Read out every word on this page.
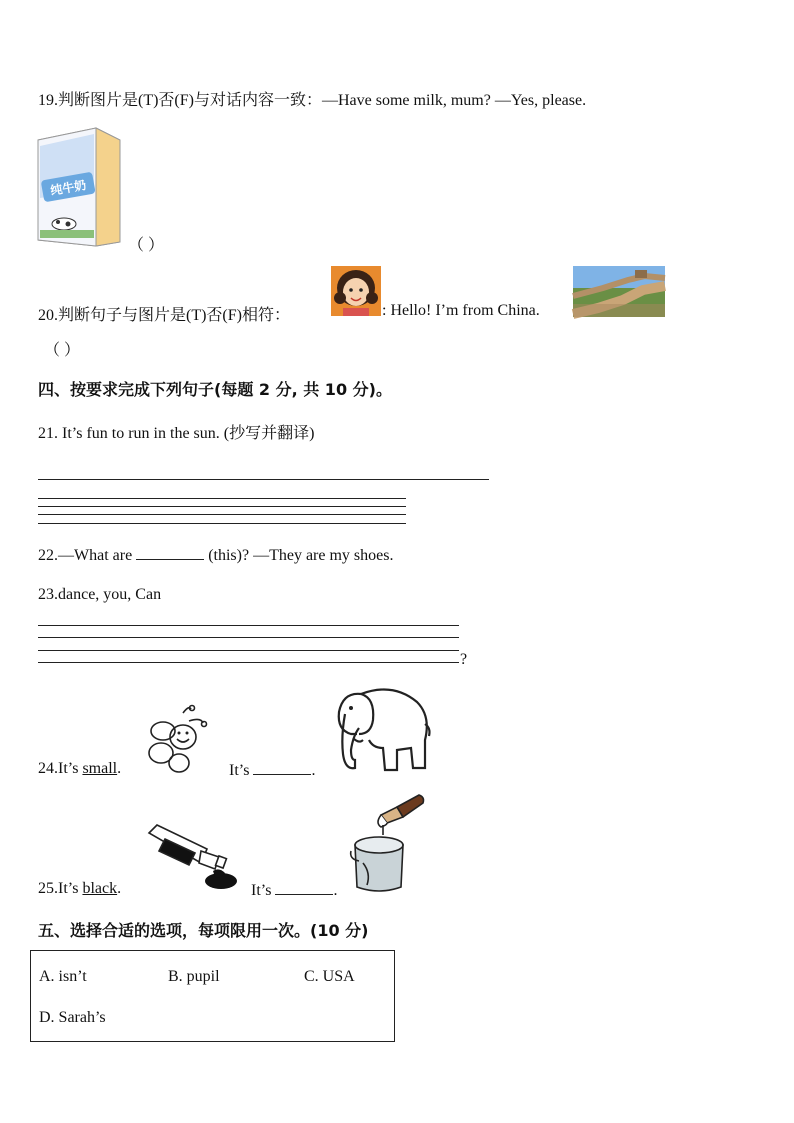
19.判断图片是(T)否(F)与对话内容一致：—Have some milk, mum? —Yes, please.
纯牛奶
（ ）
20.判断句子与图片是(T)否(F)相符：	: Hello! I’m from China.
（ ）
四、按要求完成下列句子(每题 2 分, 共 10 分)。
21. It’s fun to run in the sun. (抄写并翻译)
22.—What are	(this)? —They are my shoes.
23.dance, you, Can
?
24.It’s small.	It’s	.
25.It’s black.	It’s	.
五、选择合适的选项，每项限用一次。(10 分)
A. isn’t	B. pupil	C. USA
D. Sarah’s
